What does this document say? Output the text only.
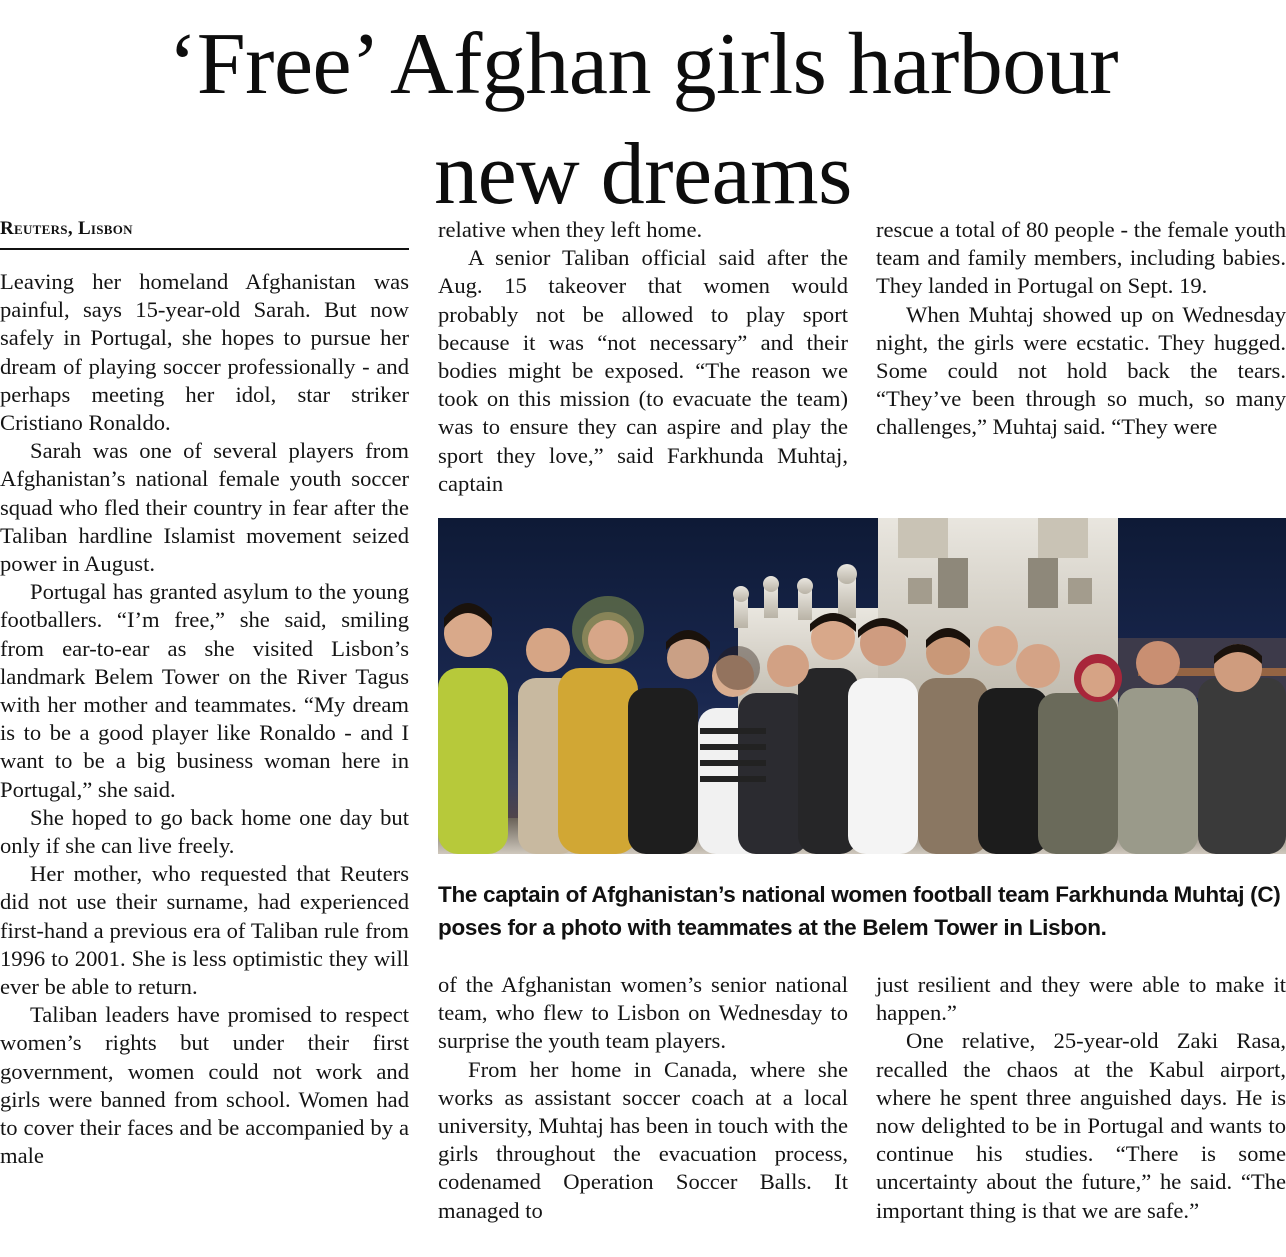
‘Free’ Afghan girls harbour
new dreams
Reuters, Lisbon

Leaving her homeland Afghanistan was painful, says 15-year-old Sarah. But now safely in Portugal, she hopes to pursue her dream of playing soccer professionally - and perhaps meeting her idol, star striker Cristiano Ronaldo.

Sarah was one of several players from Afghanistan’s national female youth soccer squad who fled their country in fear after the Taliban hardline Islamist movement seized power in August.

Portugal has granted asylum to the young footballers. “I’m free,” she said, smiling from ear-to-ear as she visited Lisbon’s landmark Belem Tower on the River Tagus with her mother and teammates. “My dream is to be a good player like Ronaldo - and I want to be a big business woman here in Portugal,” she said.

She hoped to go back home one day but only if she can live freely.

Her mother, who requested that Reuters did not use their surname, had experienced first-hand a previous era of Taliban rule from 1996 to 2001. She is less optimistic they will ever be able to return.

Taliban leaders have promised to respect women’s rights but under their first government, women could not work and girls were banned from school. Women had to cover their faces and be accompanied by a male

relative when they left home.

A senior Taliban official said after the Aug. 15 takeover that women would probably not be allowed to play sport because it was “not necessary” and their bodies might be exposed. “The reason we took on this mission (to evacuate the team) was to ensure they can aspire and play the sport they love,” said Farkhunda Muhtaj, captain

rescue a total of 80 people - the female youth team and family members, including babies. They landed in Portugal on Sept. 19.

When Muhtaj showed up on Wednesday night, the girls were ecstatic. They hugged. Some could not hold back the tears. “They’ve been through so much, so many challenges,” Muhtaj said. “They were

The captain of Afghanistan’s national women football team Farkhunda Muhtaj (C) poses for a photo with teammates at the Belem Tower in Lisbon.

of the Afghanistan women’s senior national team, who flew to Lisbon on Wednesday to surprise the youth team players.

From her home in Canada, where she works as assistant soccer coach at a local university, Muhtaj has been in touch with the girls throughout the evacuation process, codenamed Operation Soccer Balls. It managed to

just resilient and they were able to make it happen.”

One relative, 25-year-old Zaki Rasa, recalled the chaos at the Kabul airport, where he spent three anguished days. He is now delighted to be in Portugal and wants to continue his studies. “There is some uncertainty about the future,” he said. “The important thing is that we are safe.”
